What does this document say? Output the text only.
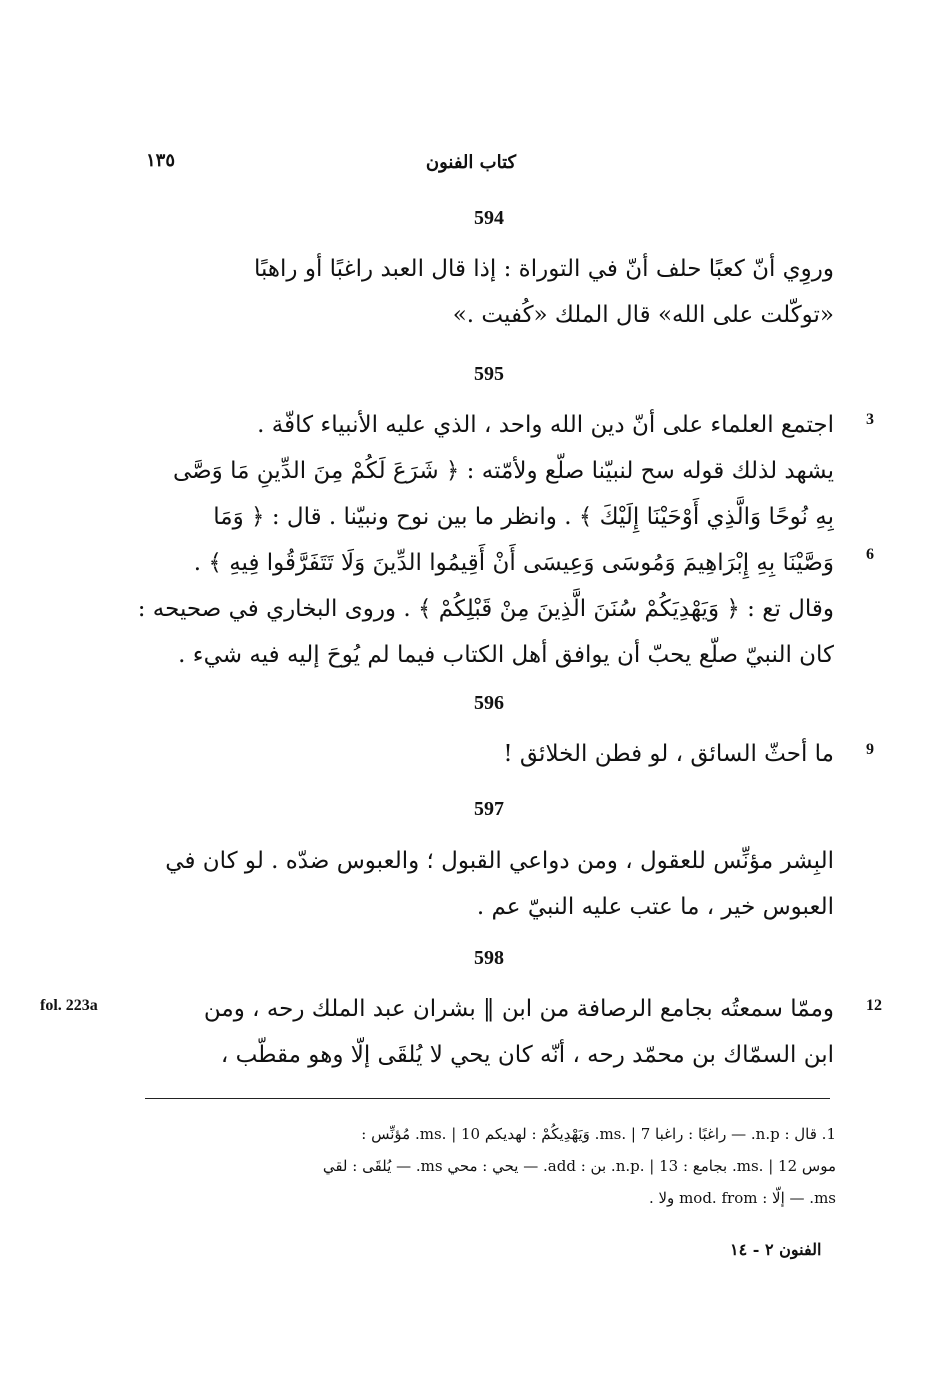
١٣٥	كتاب الفنون
594
وروِي أنّ كعبًا حلف أنّ في التوراة : إذا قال العبد راغبًا أو راهبًا
«توكّلت على الله» قال الملك «كُفيت .»
595
اجتمع العلماء على أنّ دين الله واحد ، الذي عليه الأنبياء كافّة .
يشهد لذلك قوله سح لنبيّنا صلّع ولأمّته : ﴿ شَرَعَ لَكُمْ مِنَ الدِّينِ مَا وَصَّى
بِهِ نُوحًا وَالَّذِي أَوْحَيْنَا إِلَيْكَ ﴾ . وانظر ما بين نوح ونبيّنا . قال : ﴿ وَمَا
وَصَّيْنَا بِهِ إِبْرَاهِيمَ وَمُوسَى وَعِيسَى أَنْ أَقِيمُوا الدِّينَ وَلَا تَتَفَرَّقُوا فِيهِ ﴾ .
وقال تع : ﴿ وَيَهْدِيَكُمْ سُنَنَ الَّذِينَ مِنْ قَبْلِكُمْ ﴾ . وروى البخاري في صحيحه :
كان النبيّ صلّع يحبّ أن يوافق أهل الكتاب فيما لم يُوحَ إليه فيه شيء .
3
6
596
ما أحثّ السائق ، لو فطن الخلائق ! 9
597
البِشر مؤنِّس للعقول ، ومن دواعي القبول ؛ والعبوس ضدّه . لو كان في
العبوس خير ، ما عتب عليه النبيّ عم .
598
وممّا سمعتُه بجامع الرصافة من ابن ‖ بشران عبد الملك رحه ، ومن
ابن السمّاك بن محمّد رحه ، أنّه كان يحي لا يُلقَى إلّا وهو مقطّب ،
12
fol. 223a
1. قال : n.p. — راغبًا : راغبا ms. | 7. وَيَهْدِيكُمْ : لهديكم ms. | 10. مُؤنِّس :
موس ms. | 12. بجامع : n.p. | 13. بن : add. — يحي : محي ms. — يُلقَى : لقي
ms. — إلّا : mod. from ولا .
الفنون ٢ - ١٤
